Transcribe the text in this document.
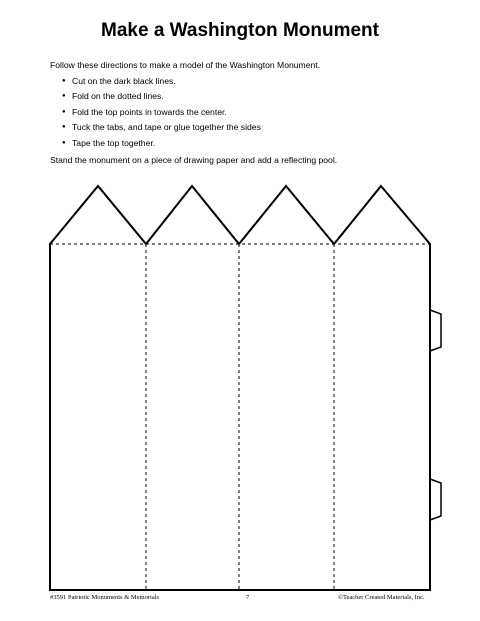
Make a Washington Monument
Follow these directions to make a model of the Washington Monument.
● Cut on the dark black lines.
● Fold on the dotted lines.
● Fold the top points in towards the center.
● Tuck the tabs, and tape or glue together the sides
● Tape the top together.
Stand the monument on a piece of drawing paper and add a reflecting pool.
#3591 Patriotic Monuments & Memorials	7	©Teacher Created Materials, Inc.
